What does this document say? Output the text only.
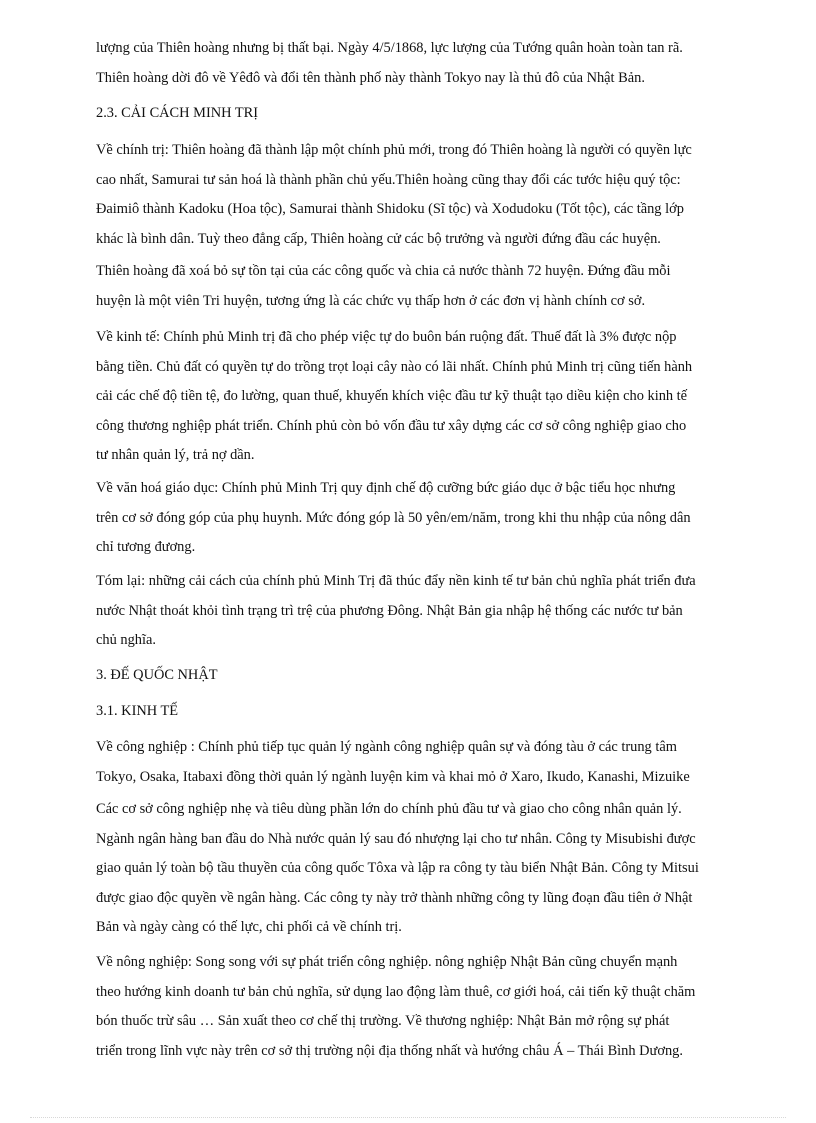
lượng của Thiên hoàng nhưng bị thất bại. Ngày 4/5/1868, lực lượng của Tướng quân hoàn toàn tan rã.
Thiên hoàng dời đô về Yêđô và đổi tên thành phố này thành Tokyo nay là thủ đô của Nhật Bản.
2.3. CẢI CÁCH MINH TRỊ
Về chính trị: Thiên hoàng đã thành lập một chính phủ mới, trong đó Thiên hoàng là người có quyền lực
cao nhất, Samurai tư sản hoá là thành phần chủ yếu.Thiên hoàng cũng thay đổi các tước hiệu quý tộc:
Đaimiô thành Kadoku (Hoa tộc), Samurai thành Shidoku (Sĩ tộc) và Xodudoku (Tốt tộc), các tầng lớp
khác là bình dân. Tuỳ theo đẳng cấp, Thiên hoàng cử các bộ trưởng và người đứng đầu các huyện.
Thiên hoàng đã xoá bỏ sự tồn tại của các công quốc và chia cả nước thành 72 huyện. Đứng đầu mỗi
huyện là một viên Tri huyện, tương ứng là các chức vụ thấp hơn ở các đơn vị hành chính cơ sở.
Về kinh tế: Chính phủ Minh trị đã cho phép việc tự do buôn bán ruộng đất. Thuế đất là 3% được nộp
bằng tiền. Chủ đất có quyền tự do trồng trọt loại cây nào có lãi nhất. Chính phủ Minh trị cũng tiến hành
cải các chế độ tiền tệ, đo lường, quan thuế, khuyến khích việc đầu tư kỹ thuật tạo diều kiện cho kinh tế
công thương nghiệp phát triển. Chính phủ còn bỏ vốn đầu tư xây dựng các cơ sở công nghiệp giao cho
tư nhân quản lý, trả nợ dần.
Về văn hoá giáo dục: Chính phủ Minh Trị quy định chế độ cưỡng bức giáo dục ở bậc tiểu học nhưng
trên cơ sở đóng góp của phụ huynh. Mức đóng góp là 50 yên/em/năm, trong khi thu nhập của nông dân
chỉ tương đương.
Tóm lại: những cải cách của chính phủ Minh Trị đã thúc đẩy nền kinh tế tư bản chủ nghĩa phát triển đưa
nước Nhật thoát khỏi tình trạng trì trệ của phương Đông. Nhật Bản gia nhập hệ thống các nước tư bản
chủ nghĩa.
3. ĐẾ QUỐC NHẬT
3.1. KINH TẾ
Về công nghiệp : Chính phủ tiếp tục quản lý ngành công nghiệp quân sự và đóng tàu ở các trung tâm
Tokyo, Osaka, Itabaxi đồng thời quản lý ngành luyện kim và khai mỏ ở Xaro, Ikudo, Kanashi, Mizuike
Các cơ sở công nghiệp nhẹ và tiêu dùng phần lớn do chính phủ đầu tư và giao cho công nhân quản lý.
Ngành ngân hàng ban đầu do Nhà nước quản lý sau đó nhượng lại cho tư nhân. Công ty Misubishi được
giao quản lý toàn bộ tầu thuyền của công quốc Tôxa và lập ra công ty tàu biển Nhật Bản. Công ty Mitsui
được giao độc quyền về ngân hàng. Các công ty này trở thành những công ty lũng đoạn đầu tiên ở Nhật
Bản và ngày càng có thế lực, chi phối cả về chính trị.
Về nông nghiệp: Song song với sự phát triển công nghiệp. nông nghiệp Nhật Bản cũng chuyển mạnh
theo hướng kinh doanh tư bản chủ nghĩa, sử dụng lao động làm thuê, cơ giới hoá, cải tiến kỹ thuật chăm
bón thuốc trừ sâu … Sản xuất theo cơ chế thị trường. Về thương nghiệp: Nhật Bản mở rộng sự phát
triển trong lĩnh vực này trên cơ sở thị trường nội địa thống nhất và hướng châu Á – Thái Bình Dương.
